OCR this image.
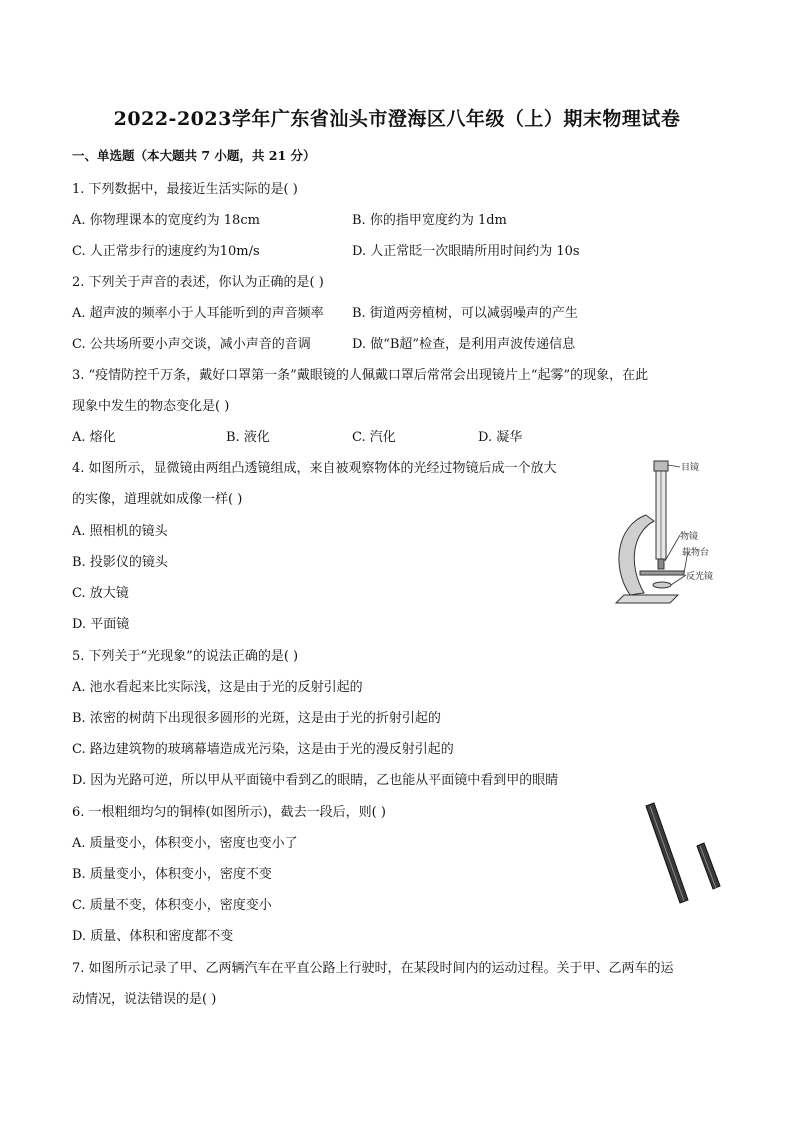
2022-2023学年广东省汕头市澄海区八年级（上）期末物理试卷
一、单选题（本大题共 7 小题，共 21 分）
1. 下列数据中，最接近生活实际的是( )
A. 你物理课本的宽度约为 18cm	B. 你的指甲宽度约为 1dm
C. 人正常步行的速度约为10m/s	D. 人正常眨一次眼睛所用时间约为 10s
2. 下列关于声音的表述，你认为正确的是( )
A. 超声波的频率小于人耳能听到的声音频率 B. 街道两旁植树，可以减弱噪声的产生
C. 公共场所要小声交谈，减小声音的音调	D. 做“B超”检查，是利用声波传递信息
3. “疫情防控千万条，戴好口罩第一条”戴眼镜的人佩戴口罩后常常会出现镜片上“起雾”的现象，在此
现象中发生的物态变化是( )
A. 熔化	B. 液化	C. 汽化	D. 凝华
4. 如图所示，显微镜由两组凸透镜组成，来自被观察物体的光经过物镜后成一个放大
的实像，道理就如成像一样( )
A. 照相机的镜头
B. 投影仪的镜头
C. 放大镜
D. 平面镜
目镜
物镜
载物台
反光镜
5. 下列关于“光现象”的说法正确的是( )
A. 池水看起来比实际浅，这是由于光的反射引起的
B. 浓密的树荫下出现很多圆形的光斑，这是由于光的折射引起的
C. 路边建筑物的玻璃幕墙造成光污染，这是由于光的漫反射引起的
D. 因为光路可逆，所以甲从平面镜中看到乙的眼睛，乙也能从平面镜中看到甲的眼睛
6. 一根粗细均匀的铜棒(如图所示)，截去一段后，则( )
A. 质量变小，体积变小，密度也变小了
B. 质量变小，体积变小，密度不变
C. 质量不变，体积变小，密度变小
D. 质量、体积和密度都不变
7. 如图所示记录了甲、乙两辆汽车在平直公路上行驶时，在某段时间内的运动过程。关于甲、乙两车的运
动情况，说法错误的是( )
